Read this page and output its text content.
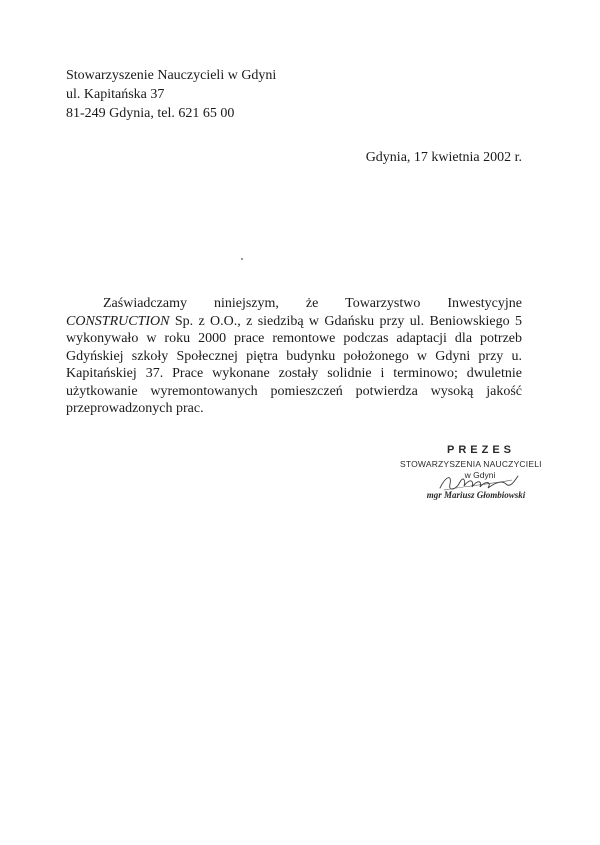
Stowarzyszenie Nauczycieli w Gdyni
ul. Kapitańska 37
81-249 Gdynia, tel. 621 65 00
Gdynia, 17 kwietnia 2002 r.
Zaświadczamy niniejszym, że Towarzystwo Inwestycyjne
CONSTRUCTION Sp. z O.O., z siedzibą w Gdańsku przy ul. Beniowskiego 5
wykonywało w roku 2000 prace remontowe podczas adaptacji dla potrzeb
Gdyńskiej szkoły Społecznej piętra budynku położonego w Gdyni przy u.
Kapitańskiej 37. Prace wykonane zostały solidnie i terminowo; dwuletnie
użytkowanie wyremontowanych pomieszczeń potwierdza wysoką jakość
przeprowadzonych prac.
PREZES
STOWARZYSZENIA NAUCZYCIELI
w Gdyni
mgr Mariusz Głombiowski
